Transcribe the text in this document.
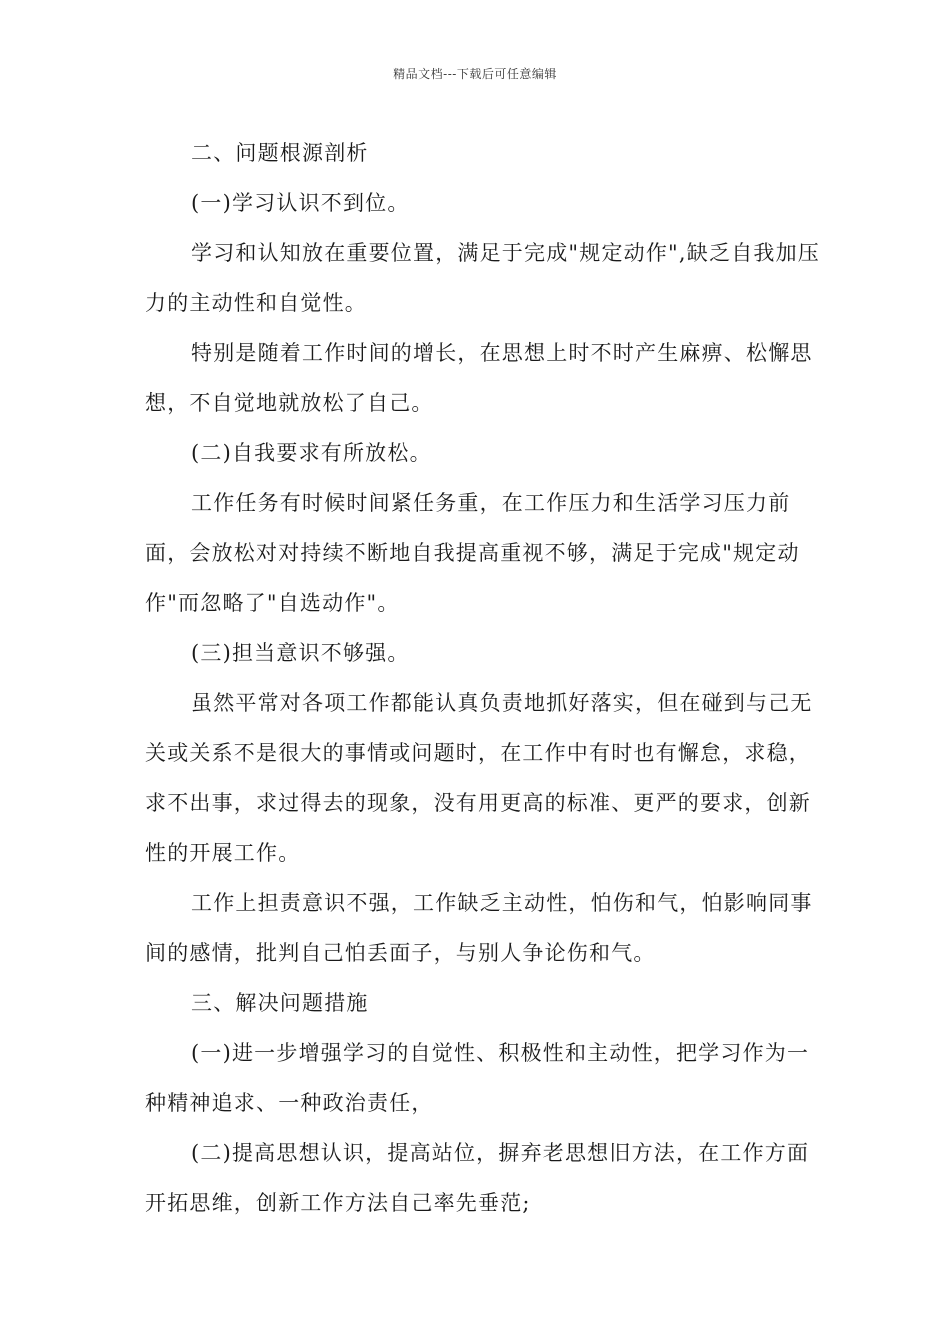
精品文档---下载后可任意编辑

二、问题根源剖析

(一)学习认识不到位。

学习和认知放在重要位置，满足于完成"规定动作",缺乏自我加压力的主动性和自觉性。

特别是随着工作时间的增长，在思想上时不时产生麻痹、松懈思想，不自觉地就放松了自己。

(二)自我要求有所放松。

工作任务有时候时间紧任务重，在工作压力和生活学习压力前面，会放松对对持续不断地自我提高重视不够，满足于完成"规定动作"而忽略了"自选动作"。

(三)担当意识不够强。

虽然平常对各项工作都能认真负责地抓好落实，但在碰到与己无关或关系不是很大的事情或问题时，在工作中有时也有懈怠，求稳，求不出事，求过得去的现象，没有用更高的标准、更严的要求，创新性的开展工作。

工作上担责意识不强，工作缺乏主动性，怕伤和气，怕影响同事间的感情，批判自己怕丢面子，与别人争论伤和气。

三、解决问题措施

(一)进一步增强学习的自觉性、积极性和主动性，把学习作为一种精神追求、一种政治责任，

(二)提高思想认识，提高站位，摒弃老思想旧方法，在工作方面开拓思维，创新工作方法自己率先垂范;
